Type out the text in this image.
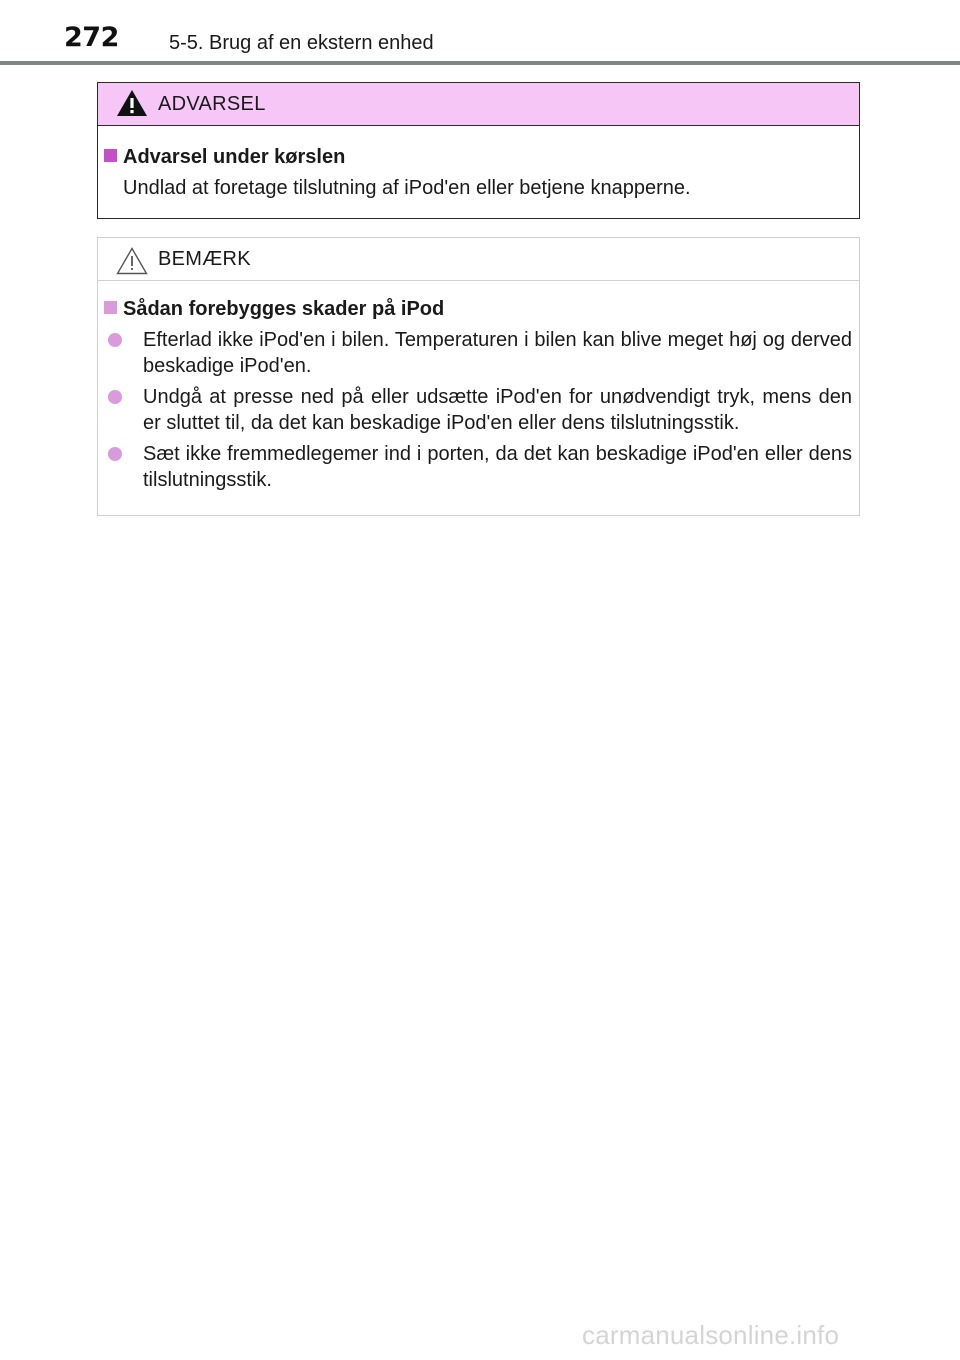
272	5-5. Brug af en ekstern enhed
ADVARSEL
Advarsel under kørslen
Undlad at foretage tilslutning af iPod'en eller betjene knapperne.
BEMÆRK
Sådan forebygges skader på iPod
Efterlad ikke iPod'en i bilen. Temperaturen i bilen kan blive meget høj og derved beskadige iPod'en.
Undgå at presse ned på eller udsætte iPod'en for unødvendigt tryk, mens den er sluttet til, da det kan beskadige iPod'en eller dens tilslutningsstik.
Sæt ikke fremmedlegemer ind i porten, da det kan beskadige iPod'en eller dens tilslutningsstik.
carmanualsonline.info
